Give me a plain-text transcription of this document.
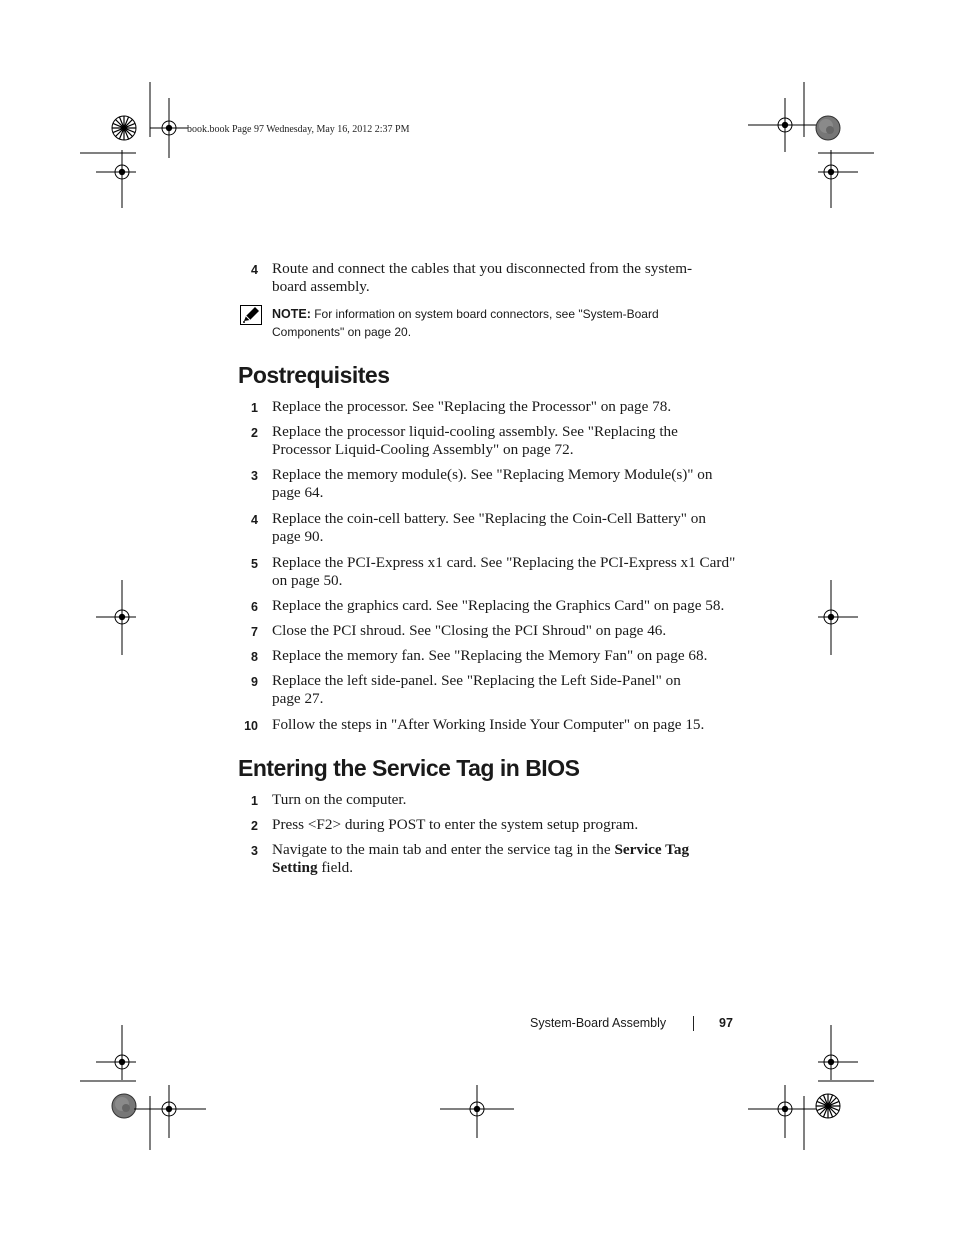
book.book Page 97 Wednesday, May 16, 2012 2:37 PM
4 Route and connect the cables that you disconnected from the system-
board assembly.
NOTE: For information on system board connectors, see "System-Board
Components" on page 20.
Postrequisites
1 Replace the processor. See "Replacing the Processor" on page 78.
2 Replace the processor liquid-cooling assembly. See "Replacing the
Processor Liquid-Cooling Assembly" on page 72.
3 Replace the memory module(s). See "Replacing Memory Module(s)" on
page 64.
4 Replace the coin-cell battery. See "Replacing the Coin-Cell Battery" on
page 90.
5 Replace the PCI-Express x1 card. See "Replacing the PCI-Express x1 Card"
on page 50.
6 Replace the graphics card. See "Replacing the Graphics Card" on page 58.
7 Close the PCI shroud. See "Closing the PCI Shroud" on page 46.
8 Replace the memory fan. See "Replacing the Memory Fan" on page 68.
9 Replace the left side-panel. See "Replacing the Left Side-Panel" on
page 27.
10 Follow the steps in "After Working Inside Your Computer" on page 15.
Entering the Service Tag in BIOS
1 Turn on the computer.
2 Press <F2> during POST to enter the system setup program.
3 Navigate to the main tab and enter the service tag in the Service Tag
Setting field.
System-Board Assembly	97
